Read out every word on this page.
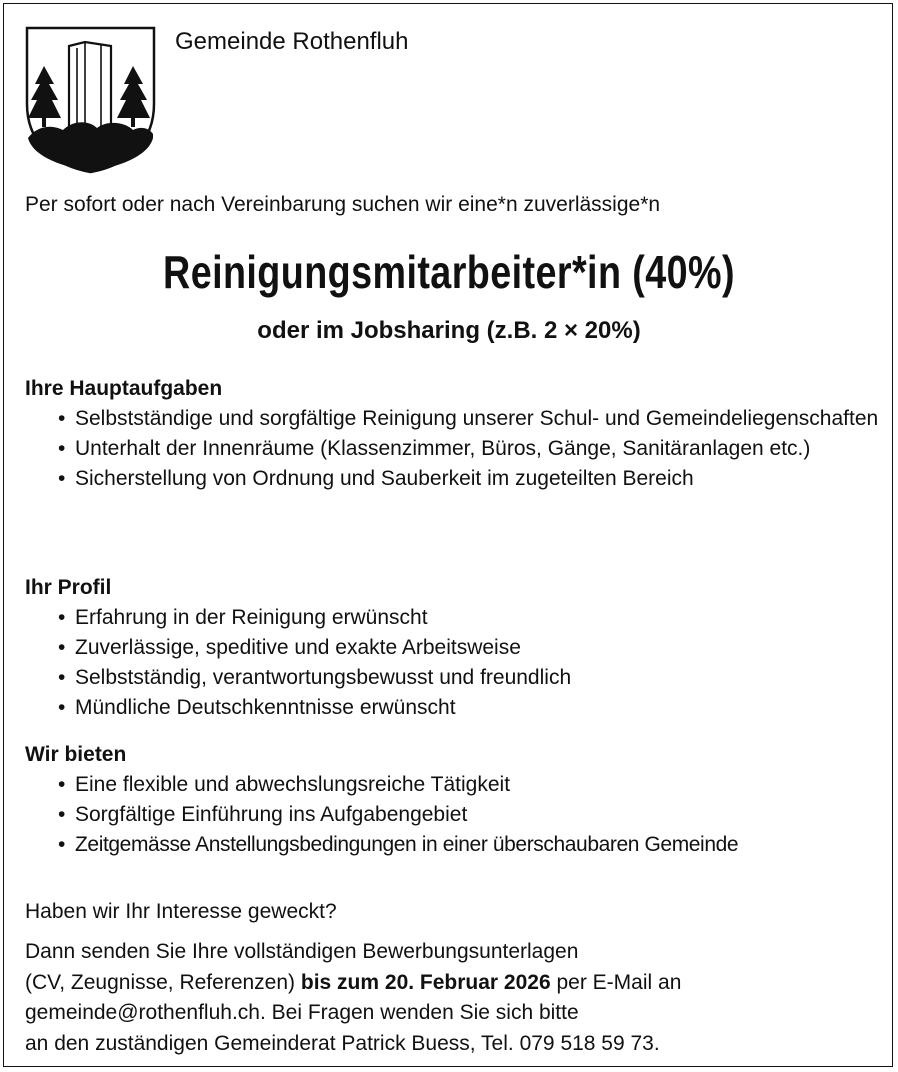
Gemeinde Rothenfluh
Per sofort oder nach Vereinbarung suchen wir eine*n zuverlässige*n
Reinigungsmitarbeiter*in (40%)
oder im Jobsharing (z.B. 2 × 20%)
Ihre Hauptaufgaben
• Selbstständige und sorgfältige Reinigung unserer Schul- und Gemeindeliegenschaften
• Unterhalt der Innenräume (Klassenzimmer, Büros, Gänge, Sanitäranlagen etc.)
• Sicherstellung von Ordnung und Sauberkeit im zugeteilten Bereich
Ihr Profil
• Erfahrung in der Reinigung erwünscht
• Zuverlässige, speditive und exakte Arbeitsweise
• Selbstständig, verantwortungsbewusst und freundlich
• Mündliche Deutschkenntnisse erwünscht
Wir bieten
• Eine flexible und abwechslungsreiche Tätigkeit
• Sorgfältige Einführung ins Aufgabengebiet
• Zeitgemässe Anstellungsbedingungen in einer überschaubaren Gemeinde
Haben wir Ihr Interesse geweckt?
Dann senden Sie Ihre vollständigen Bewerbungsunterlagen
(CV, Zeugnisse, Referenzen) bis zum 20. Februar 2026 per E-Mail an
gemeinde@rothenfluh.ch. Bei Fragen wenden Sie sich bitte
an den zuständigen Gemeinderat Patrick Buess, Tel. 079 518 59 73.
